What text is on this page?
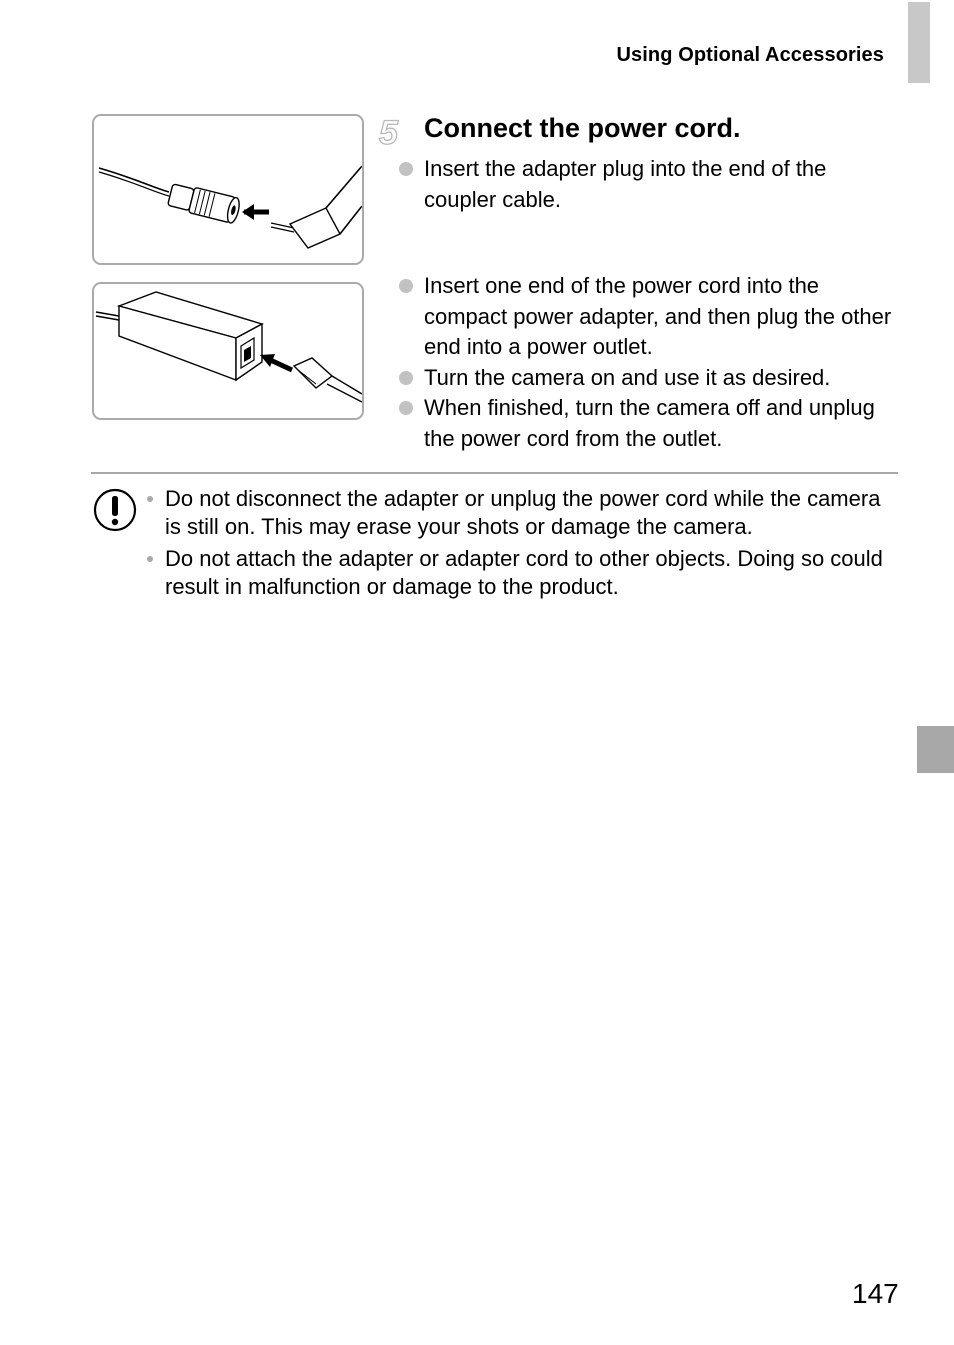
Using Optional Accessories
5 Connect the power cord.
Insert the adapter plug into the end of the coupler cable.
Insert one end of the power cord into the compact power adapter, and then plug the other end into a power outlet.
Turn the camera on and use it as desired.
When finished, turn the camera off and unplug the power cord from the outlet.
Do not disconnect the adapter or unplug the power cord while the camera is still on. This may erase your shots or damage the camera.
Do not attach the adapter or adapter cord to other objects. Doing so could result in malfunction or damage to the product.
147
